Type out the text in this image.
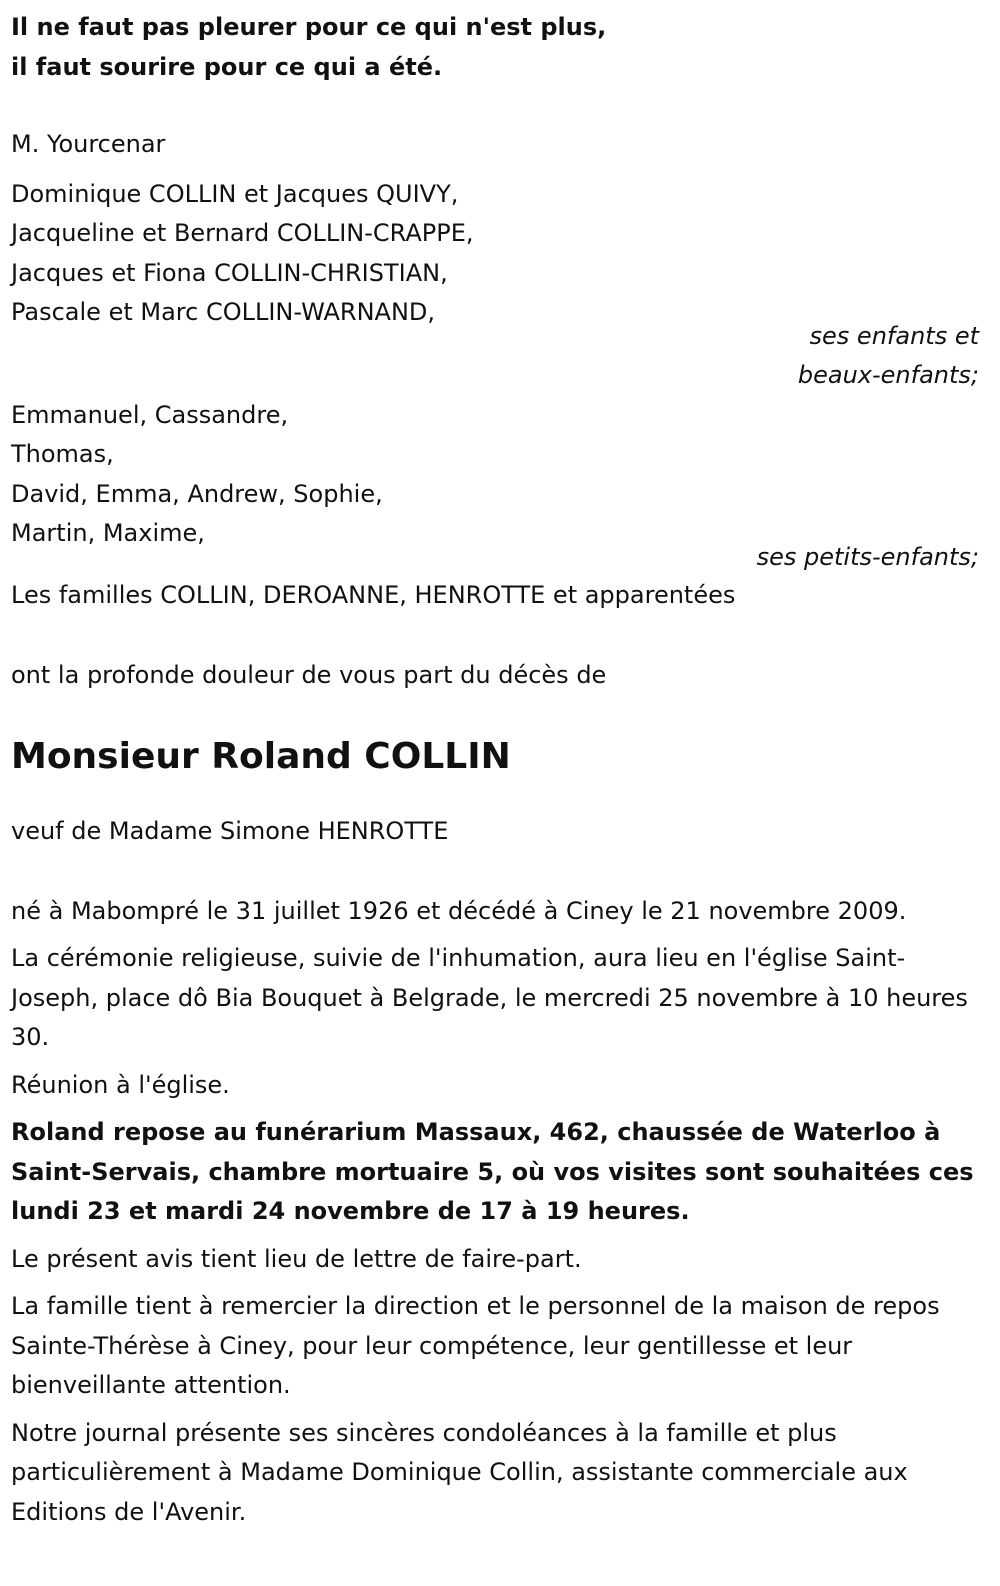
Il ne faut pas pleurer pour ce qui n'est plus,
il faut sourire pour ce qui a été.
M. Yourcenar
Dominique COLLIN et Jacques QUIVY,
Jacqueline et Bernard COLLIN-CRAPPE,
Jacques et Fiona COLLIN-CHRISTIAN,
Pascale et Marc COLLIN-WARNAND,
ses enfants et
beaux-enfants;
Emmanuel, Cassandre,
Thomas,
David, Emma, Andrew, Sophie,
Martin, Maxime,
ses petits-enfants;
Les familles COLLIN, DEROANNE, HENROTTE et apparentées
ont la profonde douleur de vous part du décès de
Monsieur Roland COLLIN
veuf de Madame Simone HENROTTE
né à Mabompré le 31 juillet 1926 et décédé à Ciney le 21 novembre 2009.
La cérémonie religieuse, suivie de l'inhumation, aura lieu en l'église Saint-Joseph, place dô Bia Bouquet à Belgrade, le mercredi 25 novembre à 10 heures 30.
Réunion à l'église.
Roland repose au funérarium Massaux, 462, chaussée de Waterloo à Saint-Servais, chambre mortuaire 5, où vos visites sont souhaitées ces lundi 23 et mardi 24 novembre de 17 à 19 heures.
Le présent avis tient lieu de lettre de faire-part.
La famille tient à remercier la direction et le personnel de la maison de repos Sainte-Thérèse à Ciney, pour leur compétence, leur gentillesse et leur bienveillante attention.
Notre journal présente ses sincères condoléances à la famille et plus particulièrement à Madame Dominique Collin, assistante commerciale aux Editions de l'Avenir.
